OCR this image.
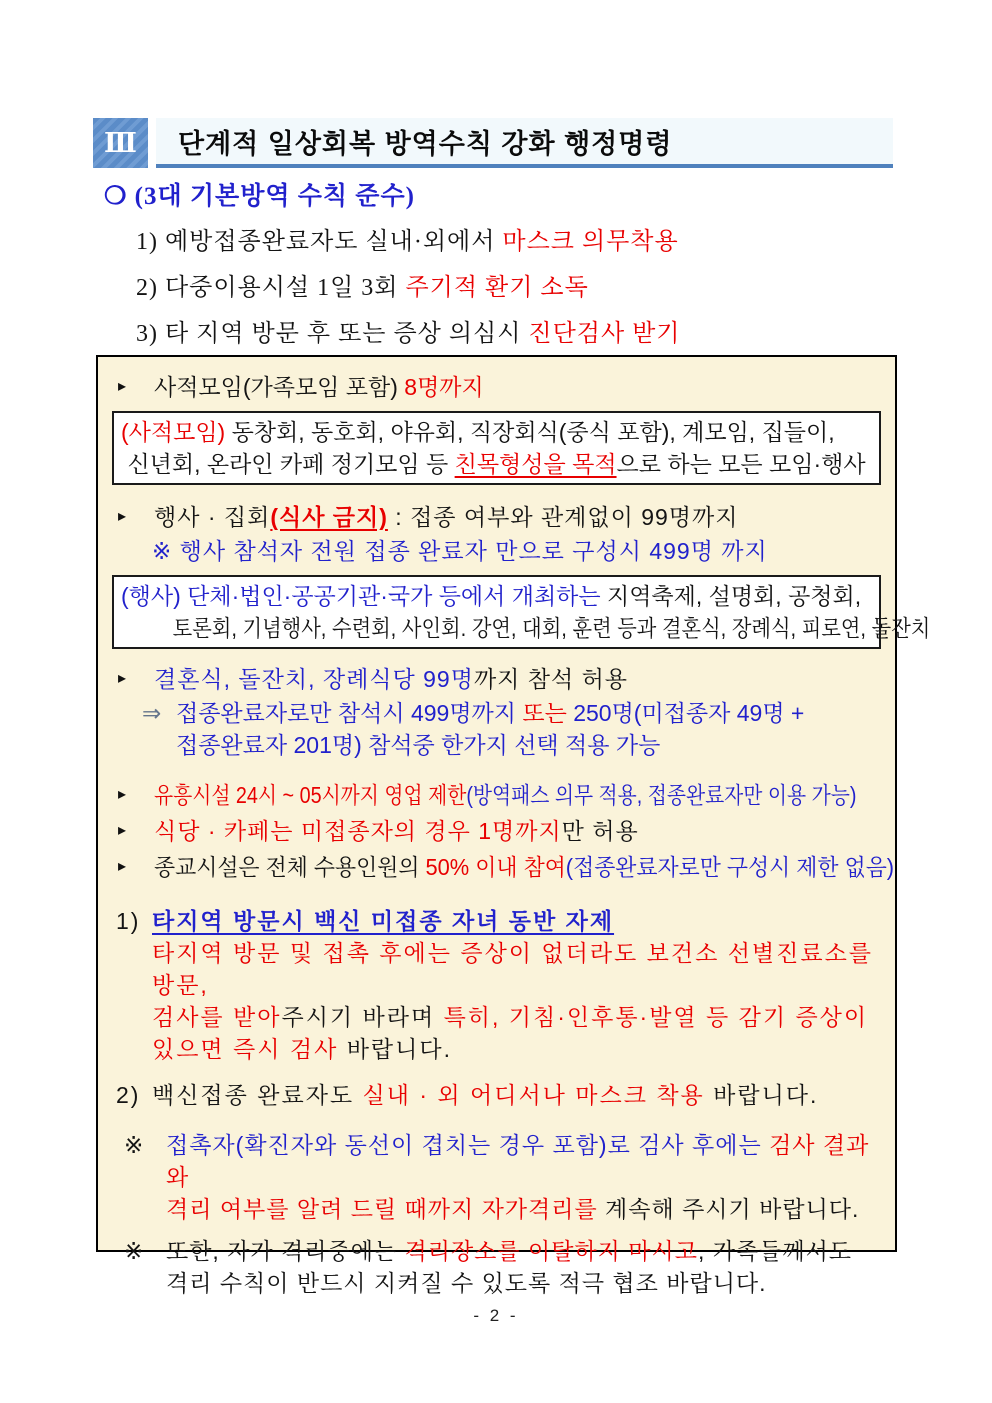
Ⅲ	단계적 일상회복 방역수칙 강화 행정명령
❍ (3대 기본방역 수칙 준수)
1) 예방접종완료자도 실내·외에서 마스크 의무착용
2) 다중이용시설 1일 3회 주기적 환기 소독
3) 타 지역 방문 후 또는 증상 의심시 진단검사 받기
▸	사적모임(가족모임 포함) 8명까지
(사적모임) 동창회, 동호회, 야유회, 직장회식(중식 포함), 계모임, 집들이,
신년회, 온라인 카페 정기모임 등 친목형성을 목적으로 하는 모든 모임·행사
▸	행사 · 집회(식사 금지) : 접종 여부와 관계없이 99명까지
※ 행사 참석자 전원 접종 완료자 만으로 구성시 499명 까지
(행사) 단체·법인·공공기관·국가 등에서 개최하는 지역축제, 설명회, 공청회,
토론회, 기념행사, 수련회, 사인회. 강연, 대회, 훈련 등과 결혼식, 장례식, 피로연, 돌잔치
▸	결혼식, 돌잔치, 장례식당 99명까지 참석 허용
⇒ 접종완료자로만 참석시 499명까지 또는 250명(미접종자 49명 +
접종완료자 201명) 참석중 한가지 선택 적용 가능
▸	유흥시설 24시 ~ 05시까지 영업 제한(방역패스 의무 적용, 접종완료자만 이용 가능)
▸	식당 · 카페는 미접종자의 경우 1명까지만 허용
▸	종교시설은 전체 수용인원의 50% 이내 참여(접종완료자로만 구성시 제한 없음)
1) 타지역 방문시 백신 미접종 자녀 동반 자제
타지역 방문 및 접촉 후에는 증상이 없더라도 보건소 선별진료소를 방문,
검사를 받아주시기 바라며 특히, 기침·인후통·발열 등 감기 증상이
있으면 즉시 검사 바랍니다.
2) 백신접종 완료자도 실내 · 외 어디서나 마스크 착용 바랍니다.
※ 접촉자(확진자와 동선이 겹치는 경우 포함)로 검사 후에는 검사 결과와
격리 여부를 알려 드릴 때까지 자가격리를 계속해 주시기 바랍니다.
※ 또한, 자가 격리중에는 격리장소를 이탈하지 마시고, 가족들께서도
격리 수칙이 반드시 지켜질 수 있도록 적극 협조 바랍니다.
- 2 -
